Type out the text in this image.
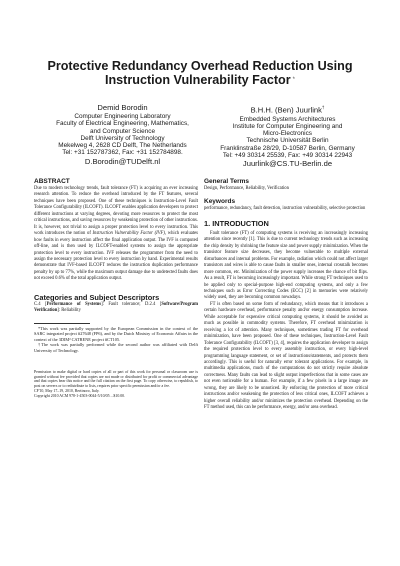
Protective Redundancy Overhead Reduction Using
Instruction Vulnerability Factor *
Demid Borodin
Computer Engineering Laboratory
Faculty of Electrical Engineering, Mathematics,
and Computer Science
Delft University of Technology
Mekelweg 4, 2628 CD Delft, The Netherlands
Tel: +31 152787362, Fax: +31 152784898.
D.Borodin@TUDelft.nl
B.H.H. (Ben) Juurlink†
Embedded Systems Architectures
Institute for Computer Engineering and
Micro-Electronics
Technische Universität Berlin
Franklinstraße 28/29, D-10587 Berlin, Germany
Tel: +49 30314 25539, Fax: +49 30314 22943
Juurlink@CS.TU-Berlin.de

ABSTRACT

Due to modern technology trends, fault tolerance (FT) is acquiring an ever increasing research attention. To reduce the overhead introduced by the FT features, several techniques have been proposed. One of these techniques is Instruction-Level Fault Tolerance Configurability (ILCOFT). ILCOFT enables application developers to protect different instructions at varying degrees, devoting more resources to protect the most critical instructions, and saving resources by weakening protection of other instructions. It is, however, not trivial to assign a proper protection level to every instruction. This work introduces the notion of Instruction Vulnerability Factor (IVF), which evaluates how faults in every instruction affect the final application output. The IVF is computed off-line, and is then used by ILCOFT-enabled systems to assign the appropriate protection level to every instruction. IVF releases the programmer from the need to assign the necessary protection level to every instruction by hand. Experimental results demonstrate that IVF-based ILCOFT reduces the instruction duplication performance penalty by up to 77%, while the maximum output damage due to undetected faults does not exceed 0.6% of the total application output.

Categories and Subject Descriptors

C.4 [Performance of Systems]: Fault tolerance; D.2.4 [Software/Program Verification]: Reliability

*This work was partially supported by the European Commission in the context of the SARC integrated project #27648 (FP6), and by the Dutch Ministry of Economic Affairs in the context of the 3DIM³ CATRENE project #CT105.

†The work was partially performed while the second author was affiliated with Delft University of Technology.

Permission to make digital or hard copies of all or part of this work for personal or classroom use is granted without fee provided that copies are not made or distributed for profit or commercial advantage and that copies bear this notice and the full citation on the first page. To copy otherwise, to republish, to post on servers or to redistribute to lists, requires prior specific permission and/or a fee.

CF'10, May 17–19, 2010, Bertinoro, Italy.

Copyright 2010 ACM 978-1-4503-0044-5/10/05 ...$10.00.

General Terms

Design, Performance, Reliability, Verification

Keywords

performance, redundancy, fault detection, instruction vulnerability, selective protection

1. INTRODUCTION

Fault tolerance (FT) of computing systems is receiving an increasingly increasing attention since recently [1]. This is due to current technology trends such as increasing the chip density by shrinking the feature size and power supply minimization. When the transistor feature size decreases, they become vulnerable to multiple external disturbances and internal problems. For example, radiation which could not affect larger transistors and wires is able to cause faults in smaller ones, internal crosstalk becomes more common, etc. Minimization of the power supply increases the chance of bit flips. As a result, FT is becoming increasingly important. While strong FT techniques used to be applied only to special-purpose high-end computing systems, and only a few techniques such as Error Correcting Codes (ECC) [2] in memories were relatively widely used, they are becoming common nowadays.

FT is often based on some form of redundancy, which means that it introduces a certain hardware overhead, performance penalty and/or energy consumption increase. While acceptable for expensive critical computing systems, it should be avoided as much as possible in commodity systems. Therefore, FT overhead minimization is receiving a lot of attention. Many techniques, sometimes trading FT for overhead minimization, have been proposed. One of these techniques, Instruction-Level Fault Tolerance Configurability (ILCOFT) [3, 4], requires the application developer to assign the required protection level to every assembly instruction, or every high-level programming language statement, or set of instructions/statements, and protects them accordingly. This is useful for naturally error tolerant applications. For example, in multimedia applications, much of the computations do not strictly require absolute correctness. Many faults can lead to slight output imperfections that in some cases are not even noticeable for a human. For example, if a few pixels in a large image are wrong, they are likely to be unnoticed. By enforcing the protection of more critical instructions and/or weakening the protection of less critical ones, ILCOFT achieves a higher overall reliability and/or minimizes the protection overhead. Depending on the FT method used, this can be performance, energy, and/or area overhead.
